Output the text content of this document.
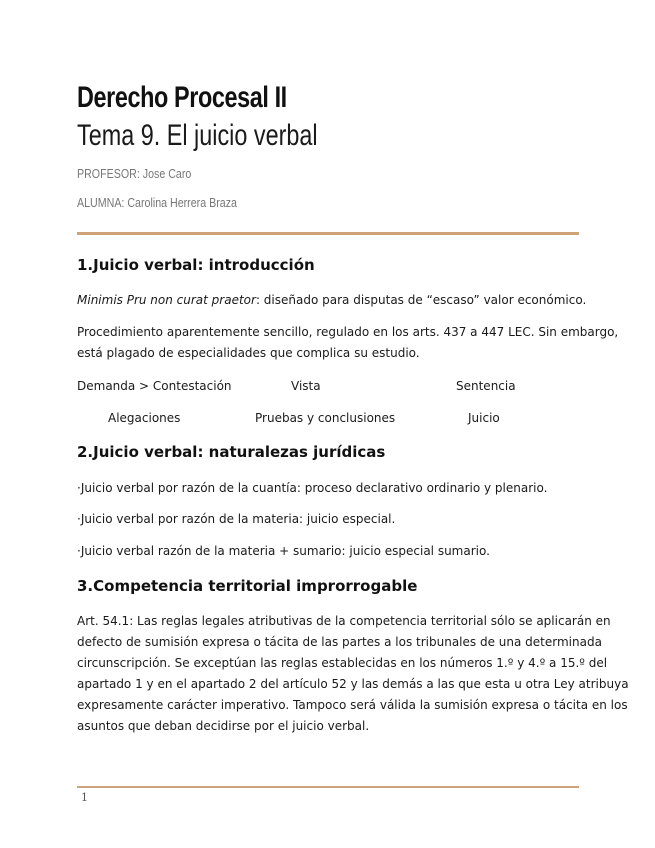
Derecho Procesal II
Tema 9. El juicio verbal
PROFESOR: Jose Caro
ALUMNA: Carolina Herrera Braza
1.Juicio verbal: introducción
Minimis Pru non curat praetor: diseñado para disputas de “escaso” valor económico.
Procedimiento aparentemente sencillo, regulado en los arts. 437 a 447 LEC. Sin embargo,
está plagado de especialidades que complica su estudio.
Demanda > Contestación	Vista	Sentencia
Alegaciones	Pruebas y conclusiones	Juicio
2.Juicio verbal: naturalezas jurídicas
·Juicio verbal por razón de la cuantía: proceso declarativo ordinario y plenario.
·Juicio verbal por razón de la materia: juicio especial.
·Juicio verbal razón de la materia + sumario: juicio especial sumario.
3.Competencia territorial improrrogable
Art. 54.1: Las reglas legales atributivas de la competencia territorial sólo se aplicarán en
defecto de sumisión expresa o tácita de las partes a los tribunales de una determinada
circunscripción. Se exceptúan las reglas establecidas en los números 1.º y 4.º a 15.º del
apartado 1 y en el apartado 2 del artículo 52 y las demás a las que esta u otra Ley atribuya
expresamente carácter imperativo. Tampoco será válida la sumisión expresa o tácita en los
asuntos que deban decidirse por el juicio verbal.
1
